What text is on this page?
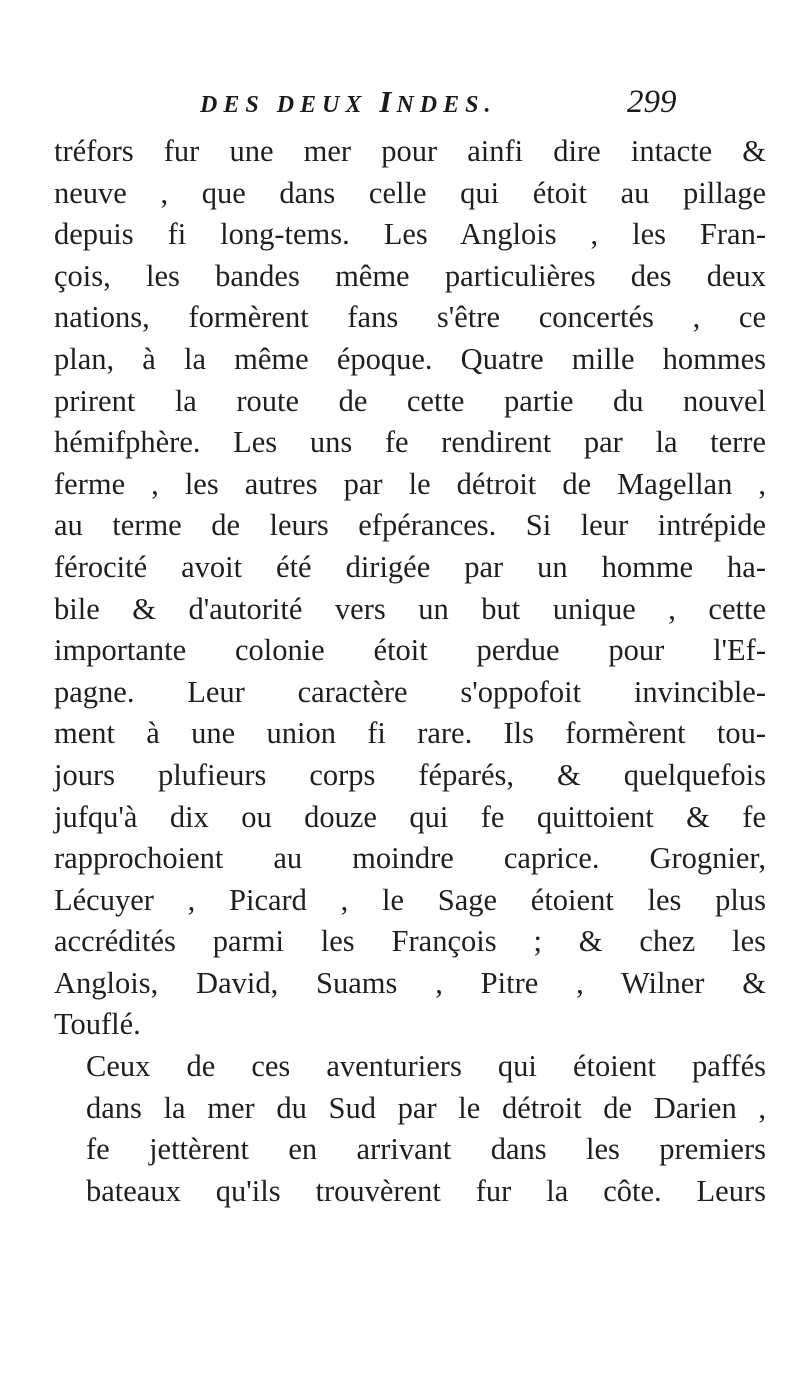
DES DEUX INDES.	299
tréfors fur une mer pour ainfi dire intacte &
neuve , que dans celle qui étoit au pillage
depuis fi long-tems. Les Anglois , les Fran-
çois, les bandes même particulières des deux
nations, formèrent fans s'être concertés , ce
plan, à la même époque. Quatre mille hommes
prirent la route de cette partie du nouvel
hémifphère. Les uns fe rendirent par la terre
ferme , les autres par le détroit de Magellan ,
au terme de leurs efpérances. Si leur intrépide
férocité avoit été dirigée par un homme ha-
bile & d'autorité vers un but unique , cette
importante colonie étoit perdue pour l'Ef-
pagne. Leur caractère s'oppofoit invincible-
ment à une union fi rare. Ils formèrent tou-
jours plufieurs corps féparés, & quelquefois
jufqu'à dix ou douze qui fe quittoient & fe
rapprochoient au moindre caprice. Grognier,
Lécuyer , Picard , le Sage étoient les plus
accrédités parmi les François ; & chez les
Anglois, David, Suams , Pitre , Wilner &
Touflé.
Ceux de ces aventuriers qui étoient paffés
dans la mer du Sud par le détroit de Darien ,
fe jettèrent en arrivant dans les premiers
bateaux qu'ils trouvèrent fur la côte. Leurs
